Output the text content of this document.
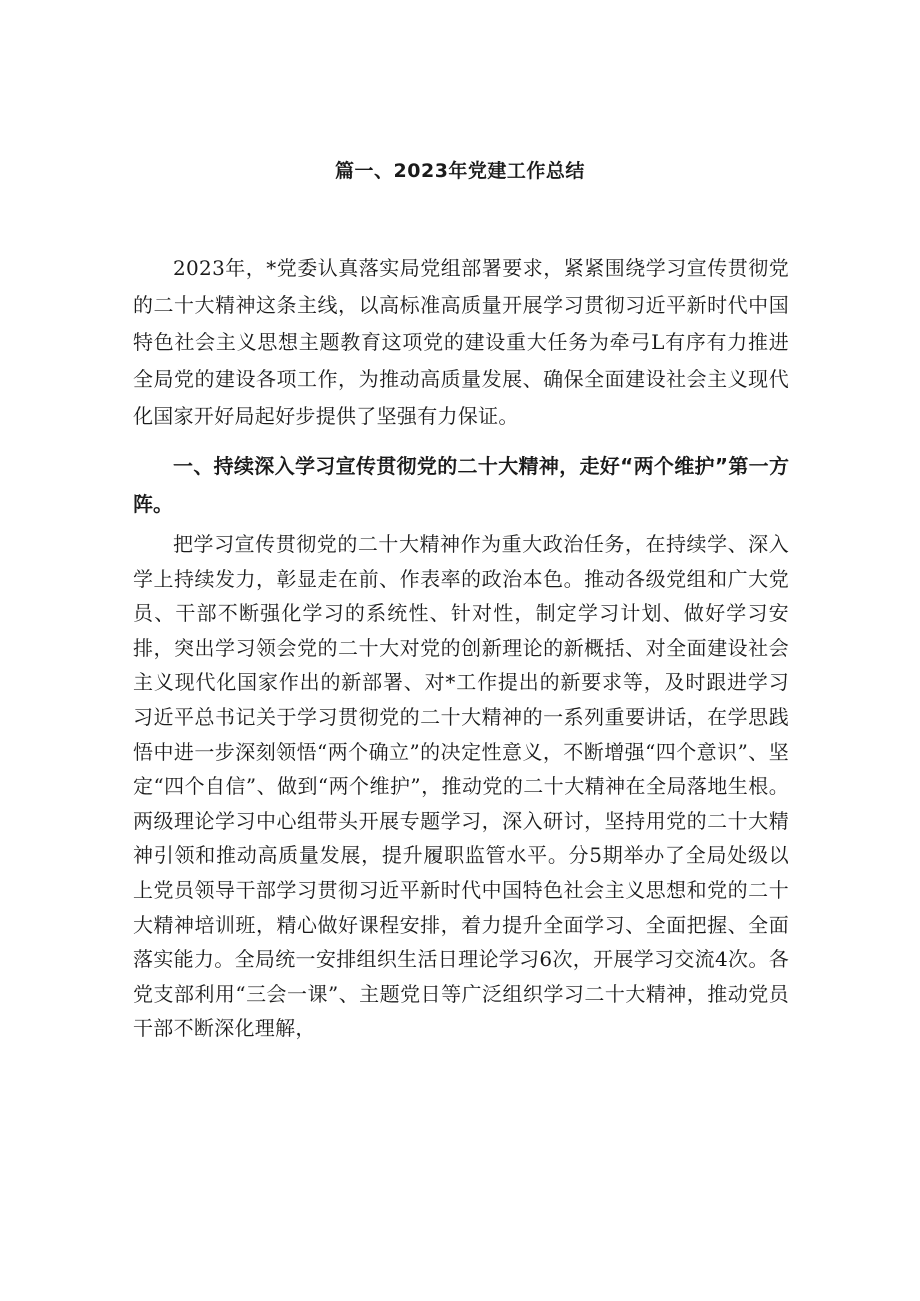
篇一、2023年党建工作总结

2023年，*党委认真落实局党组部署要求，紧紧围绕学习宣传贯彻党的二十大精神这条主线，以高标准高质量开展学习贯彻习近平新时代中国特色社会主义思想主题教育这项党的建设重大任务为牵弓L有序有力推进全局党的建设各项工作，为推动高质量发展、确保全面建设社会主义现代化国家开好局起好步提供了坚强有力保证。

一、持续深入学习宣传贯彻党的二十大精神，走好“两个维护”第一方阵。

把学习宣传贯彻党的二十大精神作为重大政治任务，在持续学、深入学上持续发力，彰显走在前、作表率的政治本色。推动各级党组和广大党员、干部不断强化学习的系统性、针对性，制定学习计划、做好学习安排，突出学习领会党的二十大对党的创新理论的新概括、对全面建设社会主义现代化国家作出的新部署、对*工作提出的新要求等，及时跟进学习习近平总书记关于学习贯彻党的二十大精神的一系列重要讲话，在学思践悟中进一步深刻领悟“两个确立”的决定性意义，不断增强“四个意识”、坚定“四个自信”、做到“两个维护”，推动党的二十大精神在全局落地生根。两级理论学习中心组带头开展专题学习，深入研讨，坚持用党的二十大精神引领和推动高质量发展，提升履职监管水平。分5期举办了全局处级以上党员领导干部学习贯彻习近平新时代中国特色社会主义思想和党的二十大精神培训班，精心做好课程安排，着力提升全面学习、全面把握、全面落实能力。全局统一安排组织生活日理论学习6次，开展学习交流4次。各党支部利用“三会一课”、主题党日等广泛组织学习二十大精神，推动党员干部不断深化理解，
